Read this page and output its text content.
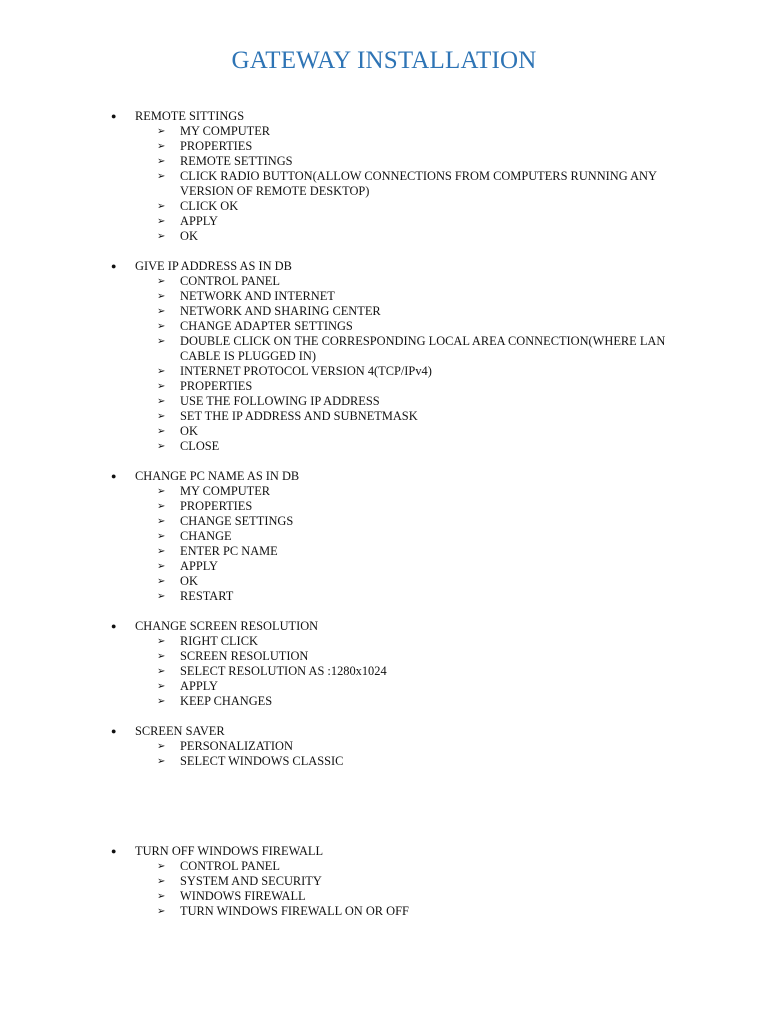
GATEWAY INSTALLATION
● REMOTE SITTINGS
➢ MY COMPUTER
➢ PROPERTIES
➢ REMOTE SETTINGS
➢ CLICK RADIO BUTTON(ALLOW CONNECTIONS FROM COMPUTERS RUNNING ANY VERSION OF REMOTE DESKTOP)
➢ CLICK OK
➢ APPLY
➢ OK
● GIVE IP ADDRESS AS IN DB
➢ CONTROL PANEL
➢ NETWORK AND INTERNET
➢ NETWORK AND SHARING CENTER
➢ CHANGE ADAPTER SETTINGS
➢ DOUBLE CLICK ON THE CORRESPONDING LOCAL AREA CONNECTION(WHERE LAN CABLE IS PLUGGED IN)
➢ INTERNET PROTOCOL VERSION 4(TCP/IPv4)
➢ PROPERTIES
➢ USE THE FOLLOWING IP ADDRESS
➢ SET THE IP ADDRESS AND SUBNETMASK
➢ OK
➢ CLOSE
● CHANGE PC NAME AS IN DB
➢ MY COMPUTER
➢ PROPERTIES
➢ CHANGE SETTINGS
➢ CHANGE
➢ ENTER PC NAME
➢ APPLY
➢ OK
➢ RESTART
● CHANGE SCREEN RESOLUTION
➢ RIGHT CLICK
➢ SCREEN RESOLUTION
➢ SELECT RESOLUTION AS :1280x1024
➢ APPLY
➢ KEEP CHANGES
● SCREEN SAVER
➢ PERSONALIZATION
➢ SELECT WINDOWS CLASSIC
● TURN OFF WINDOWS FIREWALL
➢ CONTROL PANEL
➢ SYSTEM AND SECURITY
➢ WINDOWS FIREWALL
➢ TURN WINDOWS FIREWALL ON OR OFF
